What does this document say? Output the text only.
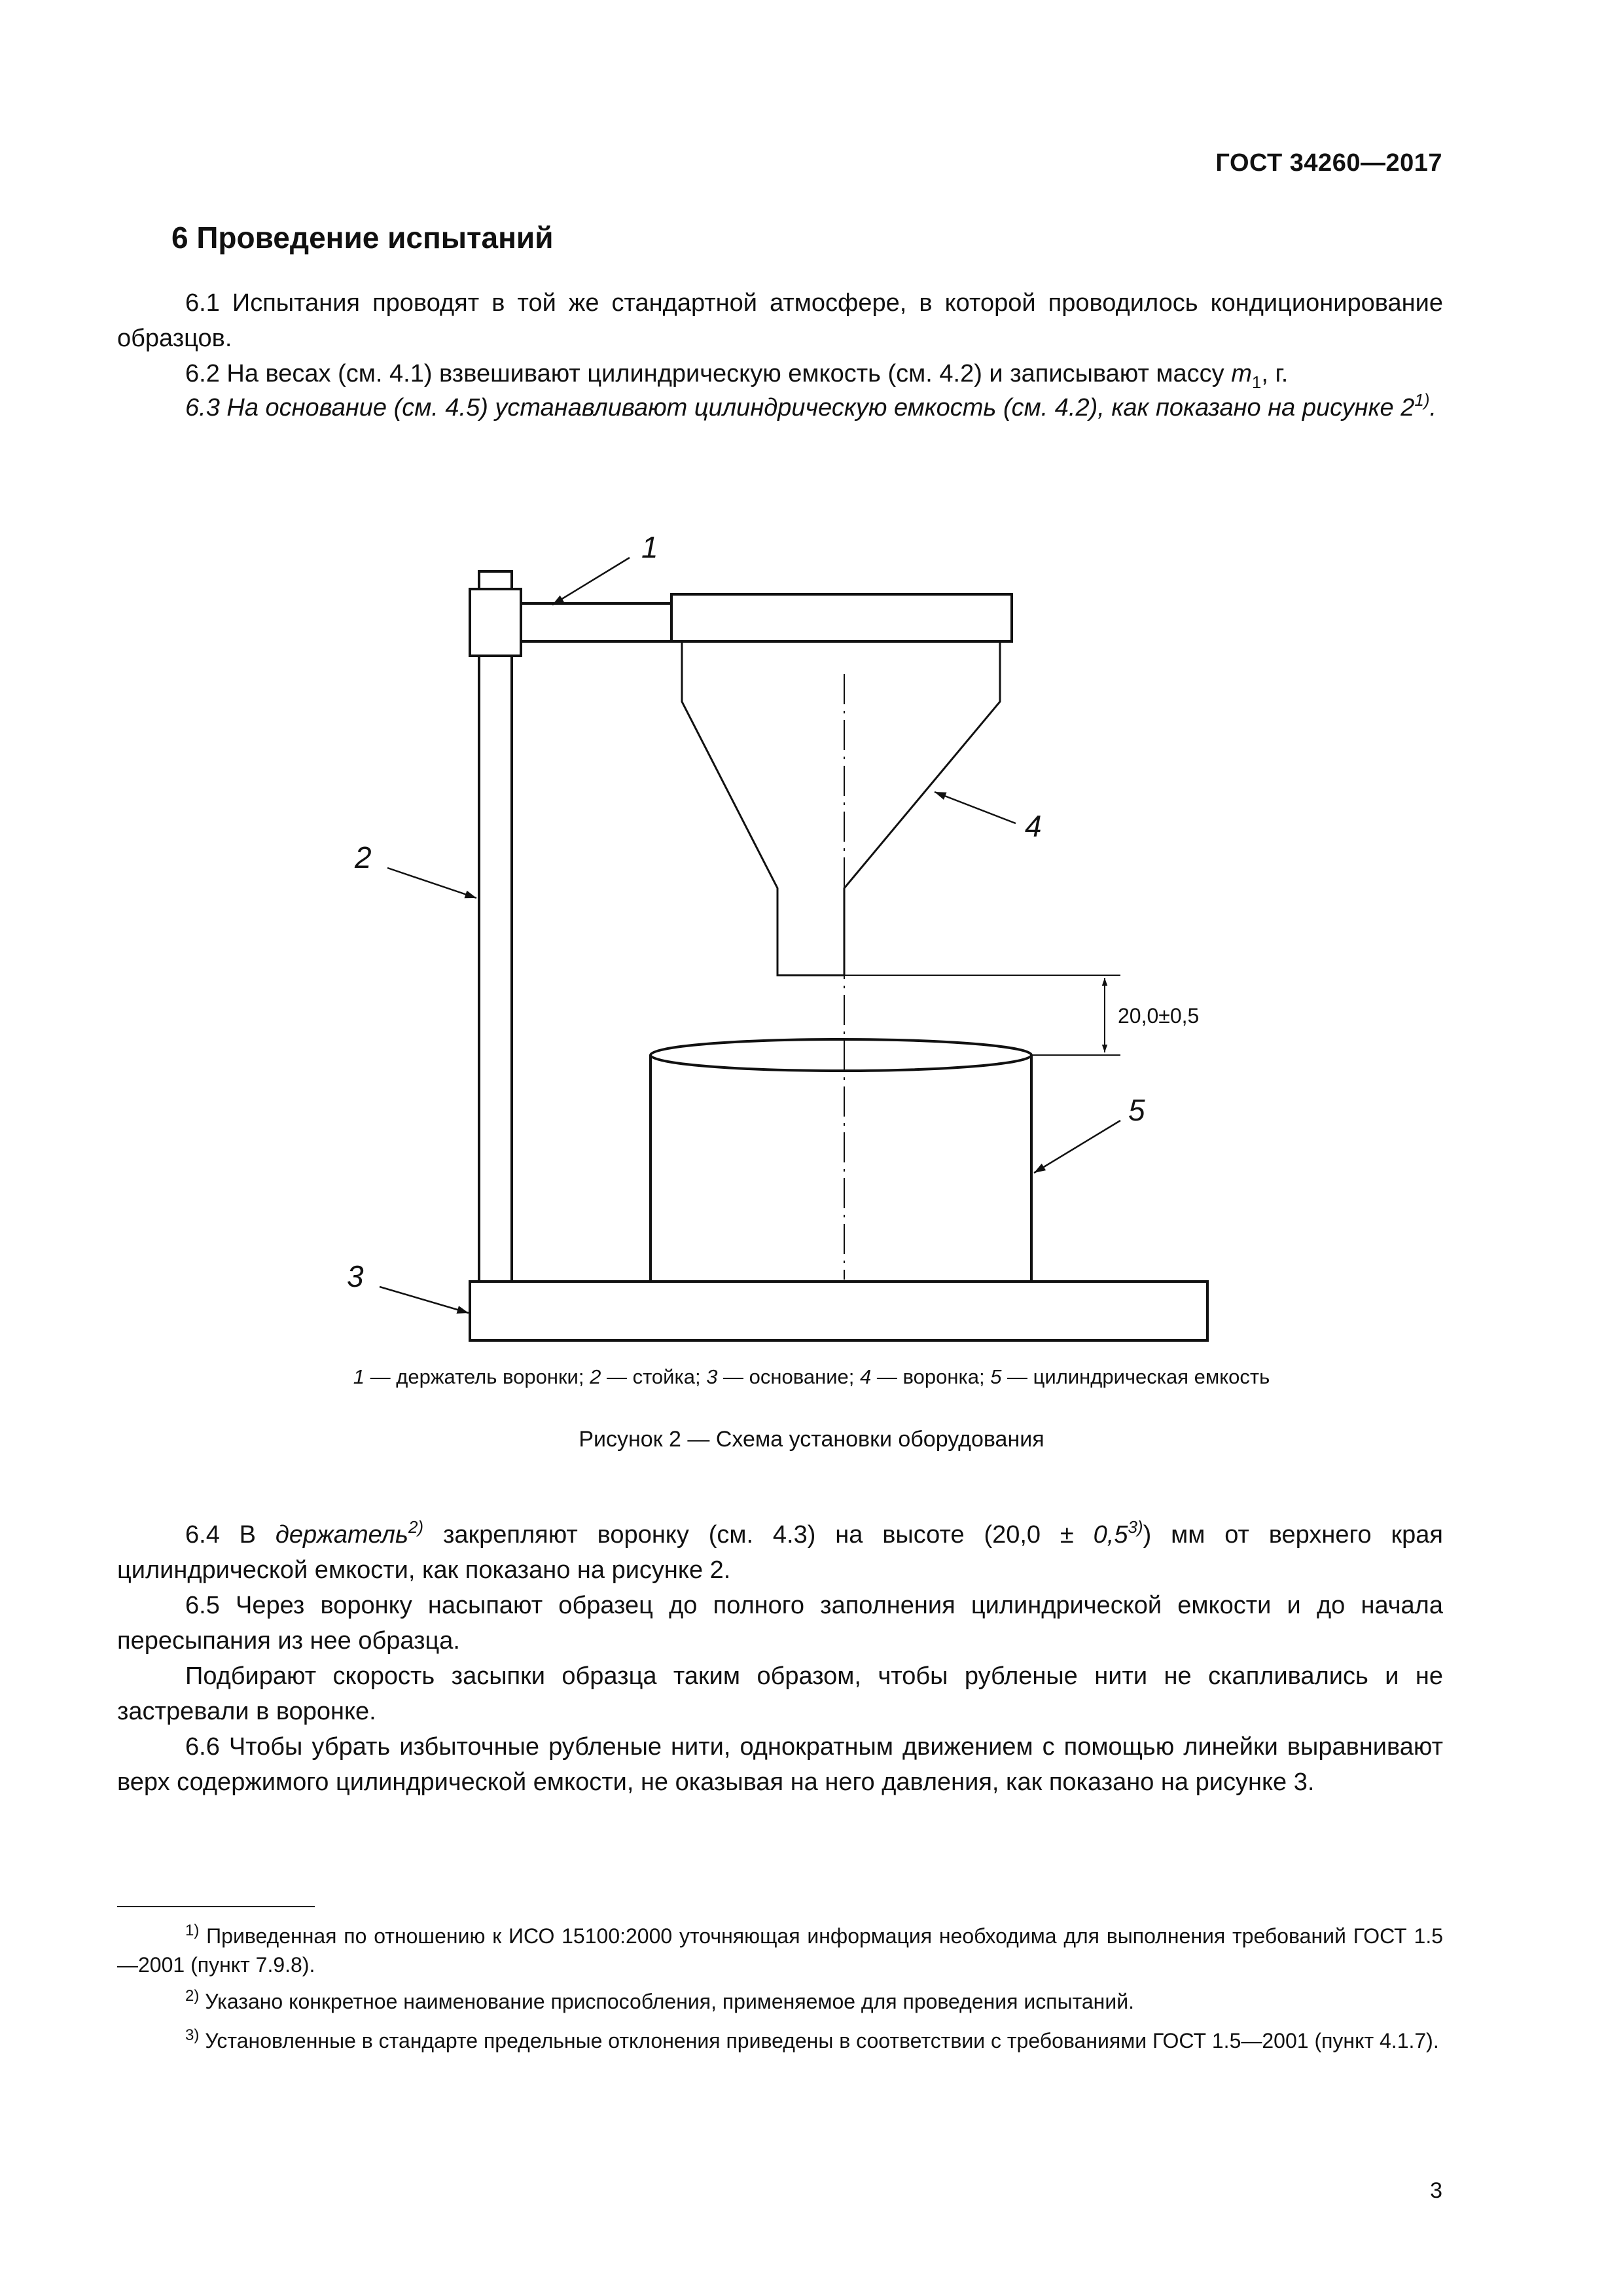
ГОСТ 34260—2017
6 Проведение испытаний
6.1 Испытания проводят в той же стандартной атмосфере, в которой проводилось кондиционирование образцов.
6.2 На весах (см. 4.1) взвешивают цилиндрическую емкость (см. 4.2) и записывают массу $m_1$, г.
6.3 На основание (см. 4.5) устанавливают цилиндрическую емкость (см. 4.2), как показано на рисунке 2$^{1)}$.
20,0±0,5
1
2
3
4
5
1 — держатель воронки; 2 — стойка; 3 — основание; 4 — воронка; 5 — цилиндрическая емкость
Рисунок 2 — Схема установки оборудования
6.4 В держатель$^{2)}$ закрепляют воронку (см. 4.3) на высоте $(20,0 \pm 0,5^{3)})$ мм от верхнего края цилиндрической емкости, как показано на рисунке 2.
6.5 Через воронку насыпают образец до полного заполнения цилиндрической емкости и до начала пересыпания из нее образца.
Подбирают скорость засыпки образца таким образом, чтобы рубленые нити не скапливались и не застревали в воронке.
6.6 Чтобы убрать избыточные рубленые нити, однократным движением с помощью линейки выравнивают верх содержимого цилиндрической емкости, не оказывая на него давления, как показано на рисунке 3.
$^{1)}$ Приведенная по отношению к ИСО 15100:2000 уточняющая информация необходима для выполнения требований ГОСТ 1.5—2001 (пункт 7.9.8).
$^{2)}$ Указано конкретное наименование приспособления, применяемое для проведения испытаний.
$^{3)}$ Установленные в стандарте предельные отклонения приведены в соответствии с требованиями ГОСТ 1.5—2001 (пункт 4.1.7).
3
